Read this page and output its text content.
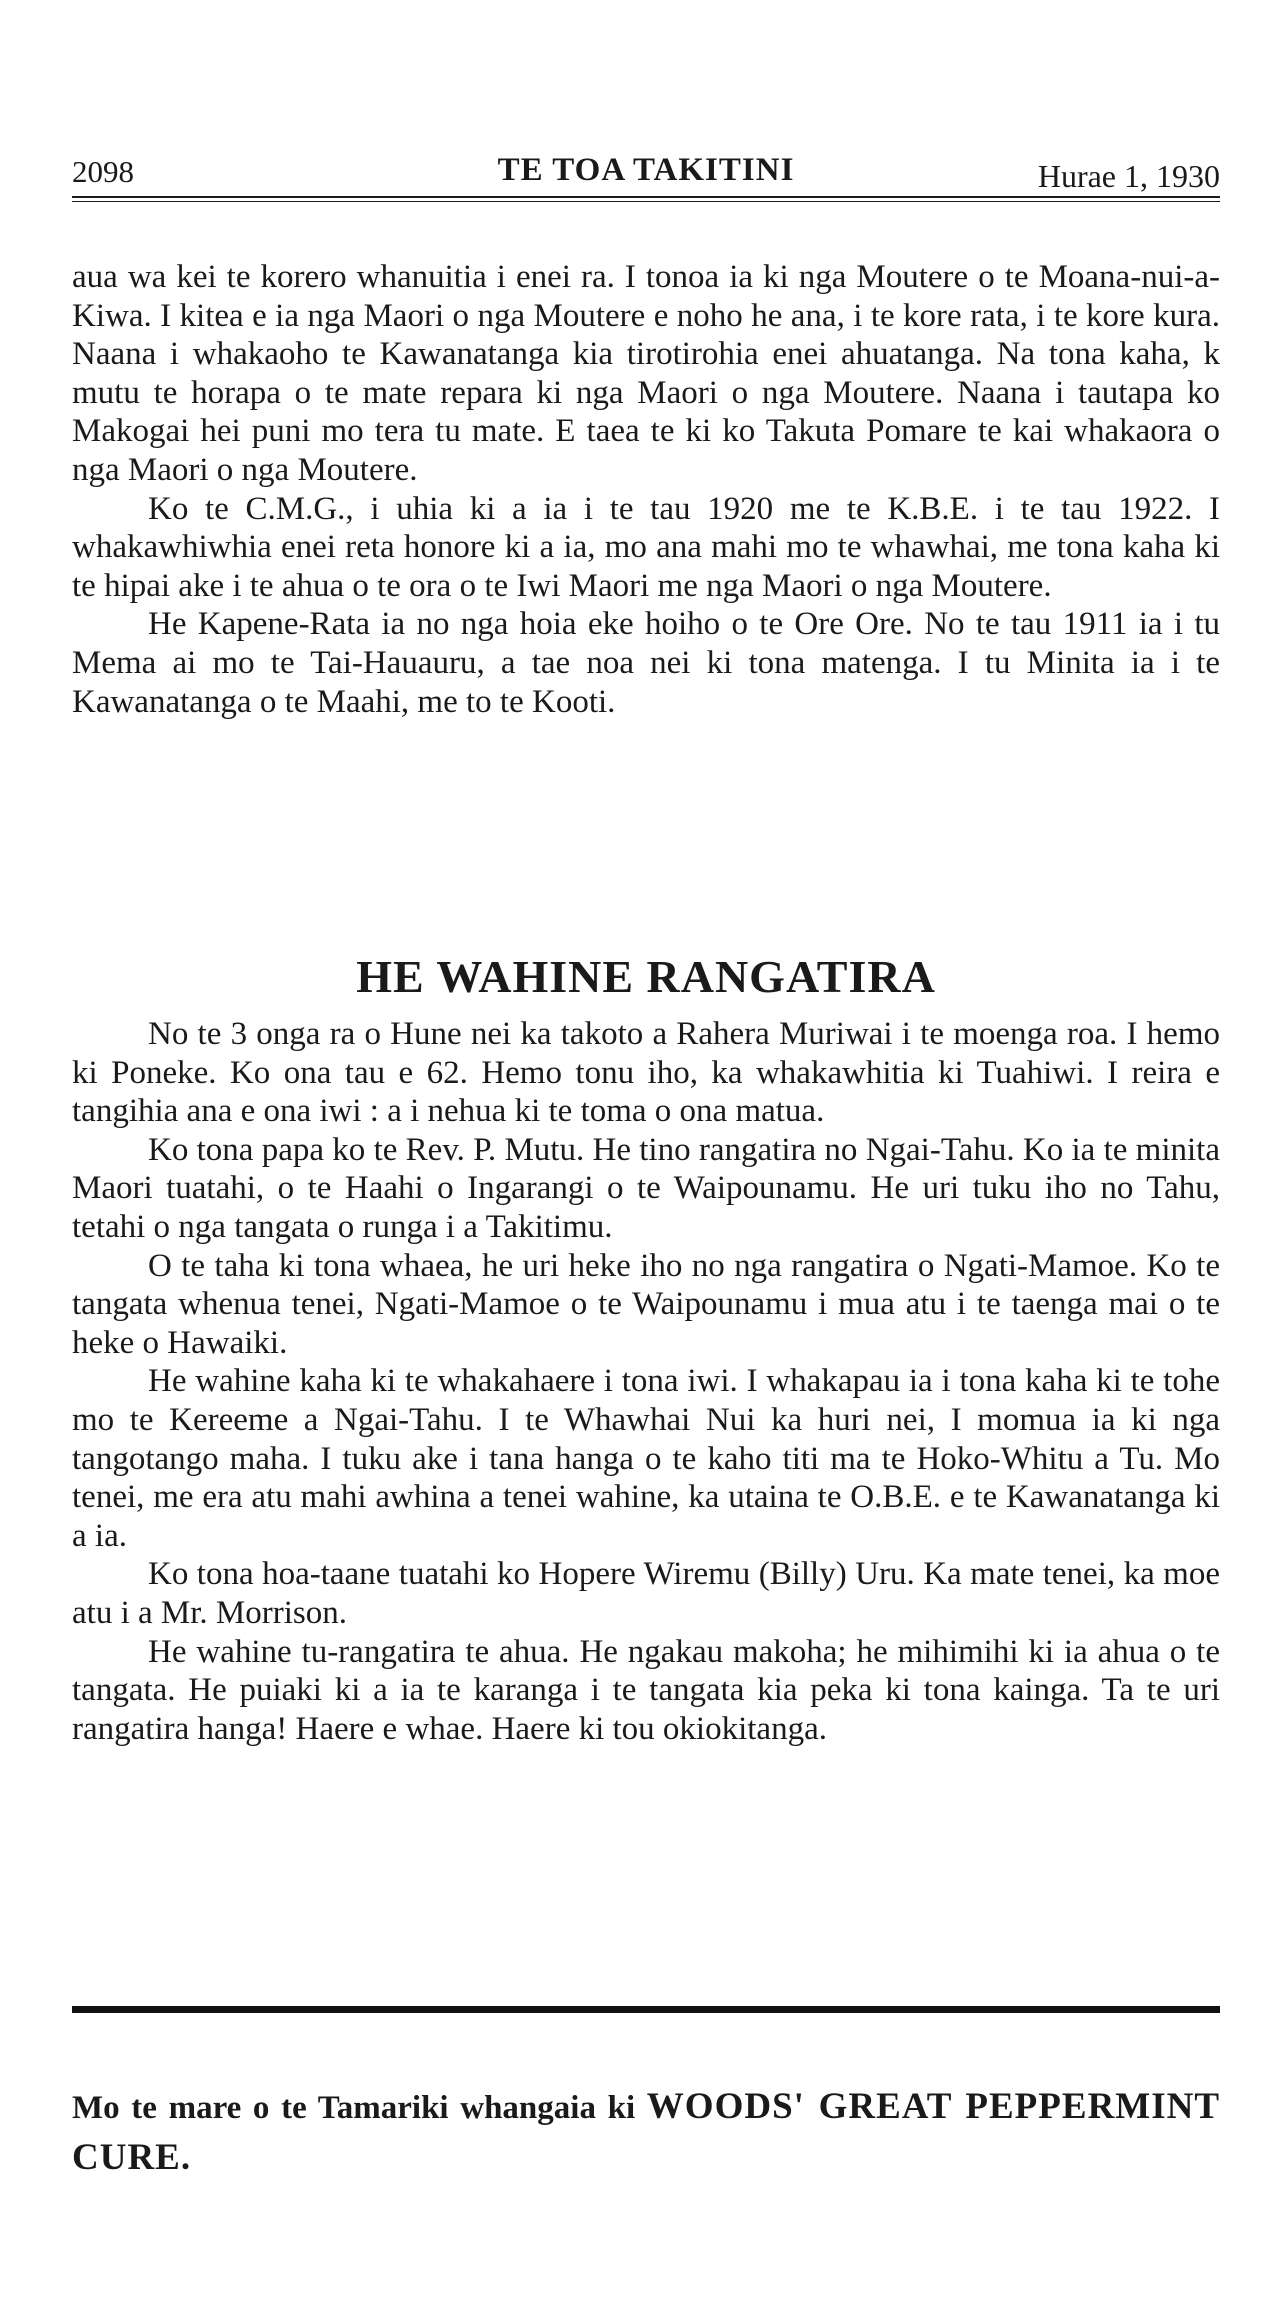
2098	TE TOA TAKITINI	Hurae 1, 1930

aua wa kei te korero whanuitia i enei ra. I tonoa ia ki nga Moutere o te Moana-nui-a-Kiwa. I kitea e ia nga Maori o nga Moutere e noho he ana, i te kore rata, i te kore kura. Naana i whakaoho te Kawanatanga kia tirotirohia enei ahuatanga. Na tona kaha, k mutu te horapa o te mate repara ki nga Maori o nga Moutere. Naana i tautapa ko Makogai hei puni mo tera tu mate. E taea te ki ko Takuta Pomare te kai whakaora o nga Maori o nga Moutere.

Ko te C.M.G., i uhia ki a ia i te tau 1920 me te K.B.E. i te tau 1922. I whakawhiwhia enei reta honore ki a ia, mo ana mahi mo te whawhai, me tona kaha ki te hipai ake i te ahua o te ora o te Iwi Maori me nga Maori o nga Moutere.

He Kapene-Rata ia no nga hoia eke hoiho o te Ore Ore. No te tau 1911 ia i tu Mema ai mo te Tai-Hauauru, a tae noa nei ki tona matenga. I tu Minita ia i te Kawanatanga o te Maahi, me to te Kooti.

HE WAHINE RANGATIRA

No te 3 onga ra o Hune nei ka takoto a Rahera Muriwai i te moenga roa. I hemo ki Poneke. Ko ona tau e 62. Hemo tonu iho, ka whakawhitia ki Tuahiwi. I reira e tangihia ana e ona iwi : a i nehua ki te toma o ona matua.

Ko tona papa ko te Rev. P. Mutu. He tino rangatira no Ngai-Tahu. Ko ia te minita Maori tuatahi, o te Haahi o Ingarangi o te Waipounamu. He uri tuku iho no Tahu, tetahi o nga tangata o runga i a Takitimu.

O te taha ki tona whaea, he uri heke iho no nga rangatira o Ngati-Mamoe. Ko te tangata whenua tenei, Ngati-Mamoe o te Waipounamu i mua atu i te taenga mai o te heke o Hawaiki.

He wahine kaha ki te whakahaere i tona iwi. I whakapau ia i tona kaha ki te tohe mo te Kereeme a Ngai-Tahu. I te Whawhai Nui ka huri nei, I momua ia ki nga tangotango maha. I tuku ake i tana hanga o te kaho titi ma te Hoko-Whitu a Tu. Mo tenei, me era atu mahi awhina a tenei wahine, ka utaina te O.B.E. e te Kawanatanga ki a ia.

Ko tona hoa-taane tuatahi ko Hopere Wiremu (Billy) Uru. Ka mate tenei, ka moe atu i a Mr. Morrison.

He wahine tu-rangatira te ahua. He ngakau makoha; he mihimihi ki ia ahua o te tangata. He puiaki ki a ia te karanga i te tangata kia peka ki tona kainga. Ta te uri rangatira hanga! Haere e whae. Haere ki tou okiokitanga.

Mo te mare o te Tamariki whangaia ki WOODS' GREAT PEPPERMINT CURE.
